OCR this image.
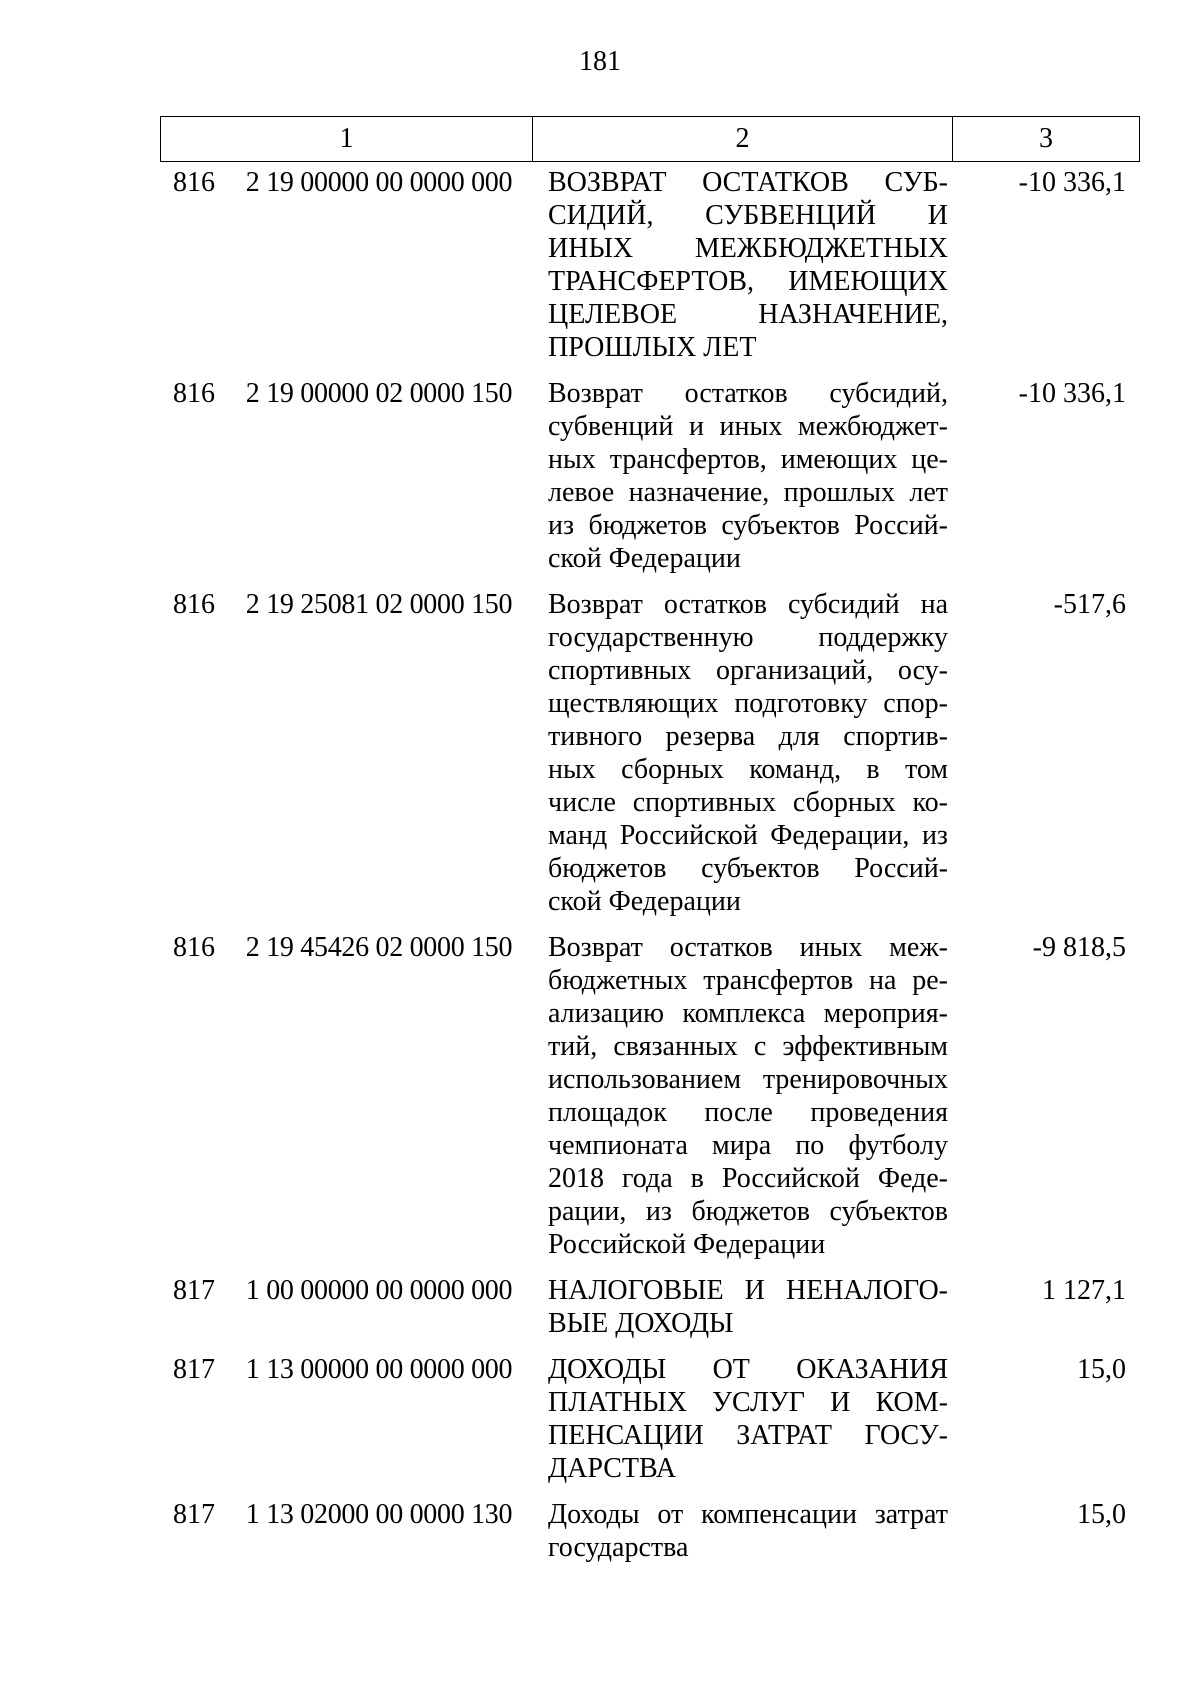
181
1	2	3
816	2 19 00000 00 0000 000	ВОЗВРАТ ОСТАТКОВ СУБ-
СИДИЙ, СУБВЕНЦИЙ И
ИНЫХ МЕЖБЮДЖЕТНЫХ
ТРАНСФЕРТОВ, ИМЕЮЩИХ
ЦЕЛЕВОЕ НАЗНАЧЕНИЕ,
ПРОШЛЫХ ЛЕТ
-10 336,1
816	2 19 00000 02 0000 150	Возврат остатков субсидий,
субвенций и иных межбюджет-
ных трансфертов, имеющих це-
левое назначение, прошлых лет
из бюджетов субъектов Россий-
ской Федерации
-10 336,1
816	2 19 25081 02 0000 150	Возврат остатков субсидий на
государственную поддержку
спортивных организаций, осу-
ществляющих подготовку спор-
тивного резерва для спортив-
ных сборных команд, в том
числе спортивных сборных ко-
манд Российской Федерации, из
бюджетов субъектов Россий-
ской Федерации
-517,6
816	2 19 45426 02 0000 150	Возврат остатков иных меж-
бюджетных трансфертов на ре-
ализацию комплекса мероприя-
тий, связанных с эффективным
использованием тренировочных
площадок после проведения
чемпионата мира по футболу
2018 года в Российской Феде-
рации, из бюджетов субъектов
Российской Федерации
-9 818,5
817	1 00 00000 00 0000 000	НАЛОГОВЫЕ И НЕНАЛОГО-
ВЫЕ ДОХОДЫ
1 127,1
817	1 13 00000 00 0000 000	ДОХОДЫ ОТ ОКАЗАНИЯ
ПЛАТНЫХ УСЛУГ И КОМ-
ПЕНСАЦИИ ЗАТРАТ ГОСУ-
ДАРСТВА
15,0
817	1 13 02000 00 0000 130	Доходы от компенсации затрат
государства
15,0
